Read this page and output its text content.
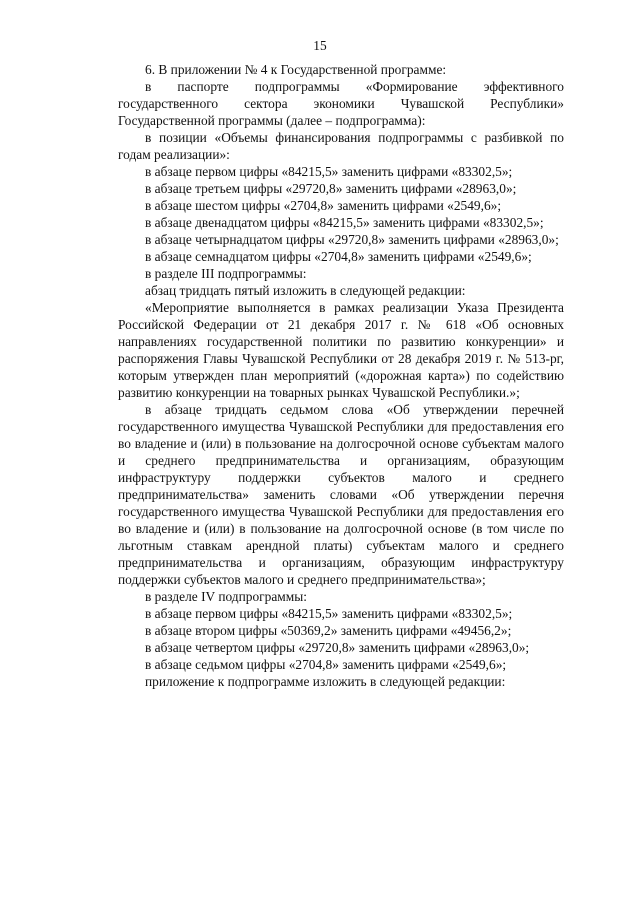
15

6. В приложении № 4 к Государственной программе:

в паспорте подпрограммы «Формирование эффективного государственного сектора экономики Чувашской Республики» Государственной программы (далее – подпрограмма):

в позиции «Объемы финансирования подпрограммы с разбивкой по годам реализации»:

в абзаце первом цифры «84215,5» заменить цифрами «83302,5»;

в абзаце третьем цифры «29720,8» заменить цифрами «28963,0»;

в абзаце шестом цифры «2704,8» заменить цифрами «2549,6»;

в абзаце двенадцатом цифры «84215,5» заменить цифрами «83302,5»;

в абзаце четырнадцатом цифры «29720,8» заменить цифрами «28963,0»;

в абзаце семнадцатом цифры «2704,8» заменить цифрами «2549,6»;

в разделе III подпрограммы:

абзац тридцать пятый изложить в следующей редакции:

«Мероприятие выполняется в рамках реализации Указа Президента Российской Федерации от 21 декабря 2017 г. № 618 «Об основных направлениях государственной политики по развитию конкуренции» и распоряжения Главы Чувашской Республики от 28 декабря 2019 г. № 513-рг, которым утвержден план мероприятий («дорожная карта») по содействию развитию конкуренции на товарных рынках Чувашской Республики.»;

в абзаце тридцать седьмом слова «Об утверждении перечней государственного имущества Чувашской Республики для предоставления его во владение и (или) в пользование на долгосрочной основе субъектам малого и среднего предпринимательства и организациям, образующим инфраструктуру поддержки субъектов малого и среднего предпринимательства» заменить словами «Об утверждении перечня государственного имущества Чувашской Республики для предоставления его во владение и (или) в пользование на долгосрочной основе (в том числе по льготным ставкам арендной платы) субъектам малого и среднего предпринимательства и организациям, образующим инфраструктуру поддержки субъектов малого и среднего предпринимательства»;

в разделе IV подпрограммы:

в абзаце первом цифры «84215,5» заменить цифрами «83302,5»;

в абзаце втором цифры «50369,2» заменить цифрами «49456,2»;

в абзаце четвертом цифры «29720,8» заменить цифрами «28963,0»;

в абзаце седьмом цифры «2704,8» заменить цифрами «2549,6»;

приложение к подпрограмме изложить в следующей редакции:
